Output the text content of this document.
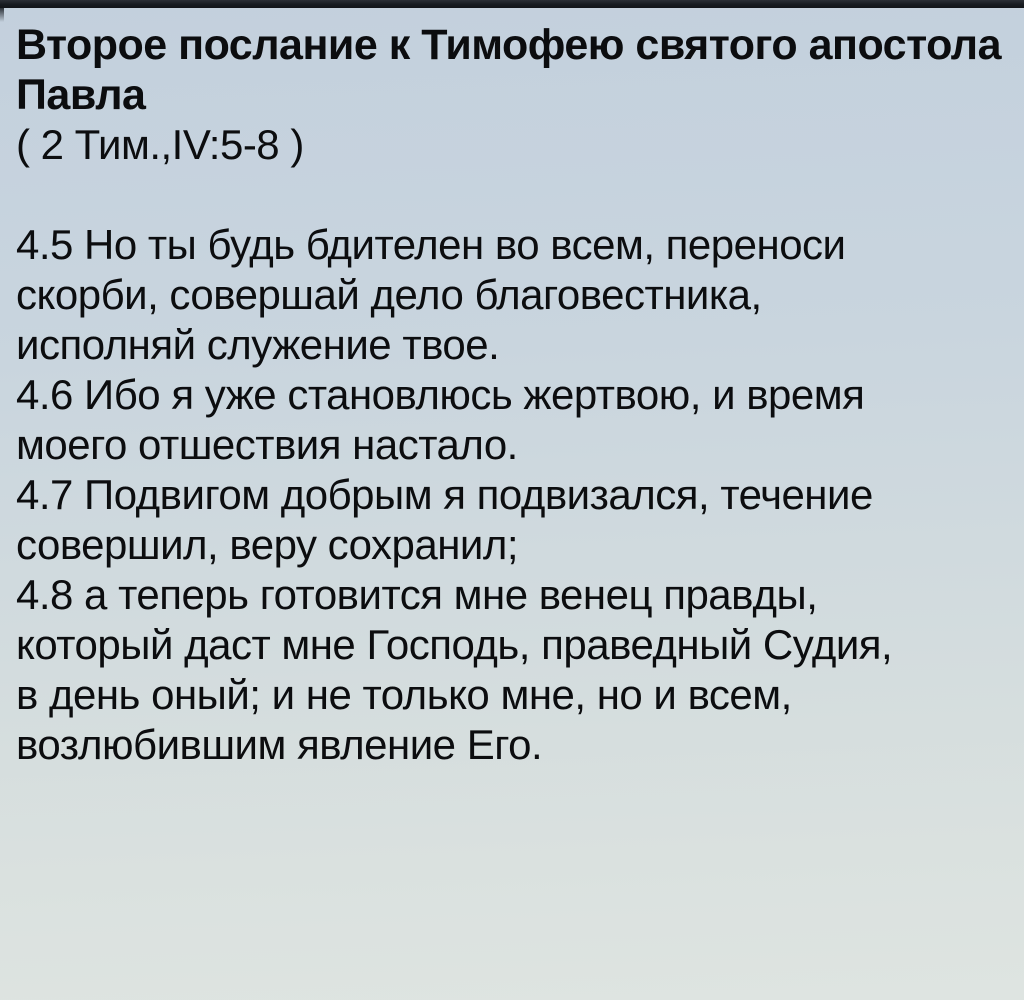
Второе послание к Тимофею святого апостола
Павла
( 2 Тим.,IV:5-8 )
4.5 Но ты будь бдителен во всем, переноси
скорби, совершай дело благовестника,
исполняй служение твое.
4.6 Ибо я уже становлюсь жертвою, и время
моего отшествия настало.
4.7 Подвигом добрым я подвизался, течение
совершил, веру сохранил;
4.8 а теперь готовится мне венец правды,
который даст мне Господь, праведный Судия,
в день оный; и не только мне, но и всем,
возлюбившим явление Его.
